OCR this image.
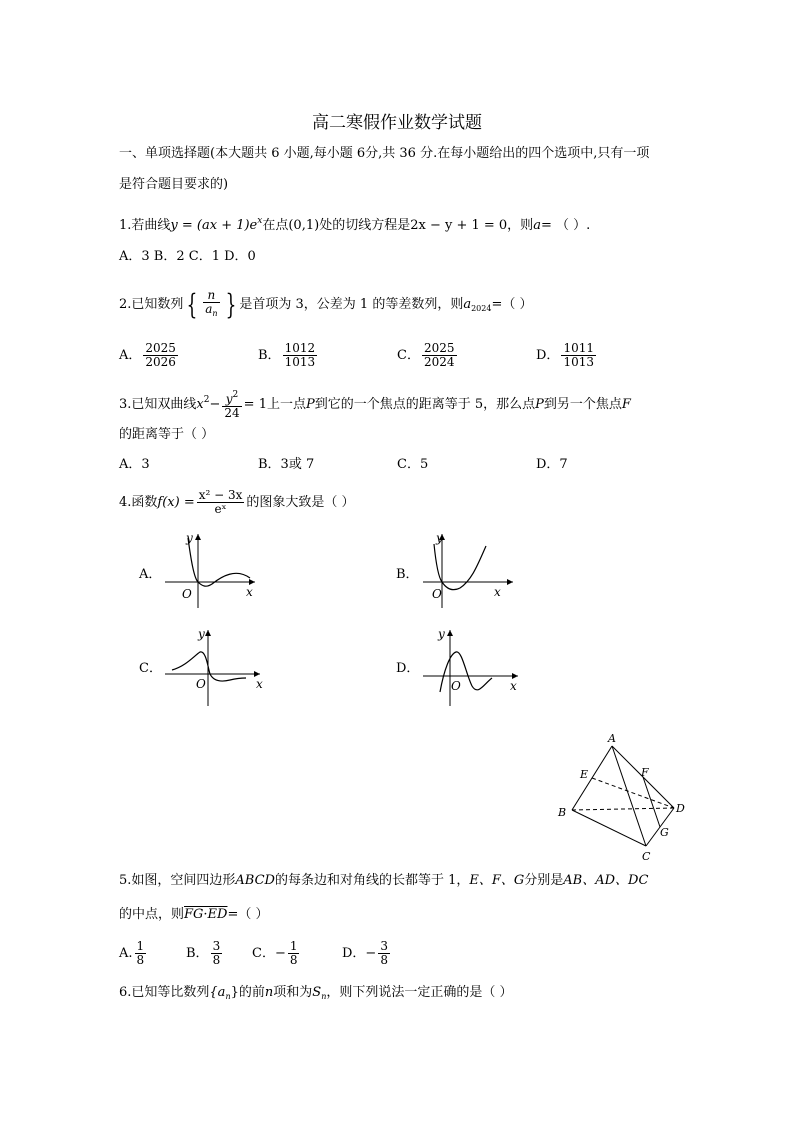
高二寒假作业数学试题
一、单项选择题(本大题共 6 小题,每小题 6分,共 36 分.在每小题给出的四个选项中,只有一项
是符合题目要求的)
1.若曲线$y = (ax + 1)e^x$在点(0,1)处的切线方程是2x − y + 1 = 0，则a= （ ）.
A．3 B．2 C．1 D．0
2.已知数列 { $\frac{n}{a_n}$ } 是首项为 3，公差为 1 的等差数列，则$a_{2024}=$（ ）
A． $\frac{2025}{2026}$	B． $\frac{1012}{1013}$	C． $\frac{2025}{2024}$	D． $\frac{1011}{1013}$
3.已知双曲线$x^2- \frac{y^2}{24} = 1$上一点P到它的一个焦点的距离等于 5，那么点P到另一个焦点F
的距离等于（ ）
A．3	B．3或 7	C．5	D．7
4.函数$f(x) = \frac{\text{x² − 3x}}{\text{eˣ}}$ 的图象大致是（ ）
A．
x
y
O
B．
x
y
O
C．
x
y
O
D．
x
y
O
A
B
C
D
E	F
G
5.如图，空间四边形ABCD的每条边和对角线的长都等于 1，E、F、G分别是AB、AD、DC
的中点，则FG·ED=（ ）
A. $\frac{1}{8}$	B． $\frac{3}{8}$ C．− $\frac{1}{8}$	D．− $\frac{3}{8}$
6.已知等比数列$\{a_n\}$的前n项和为$S_n$，则下列说法一定正确的是（ ）
